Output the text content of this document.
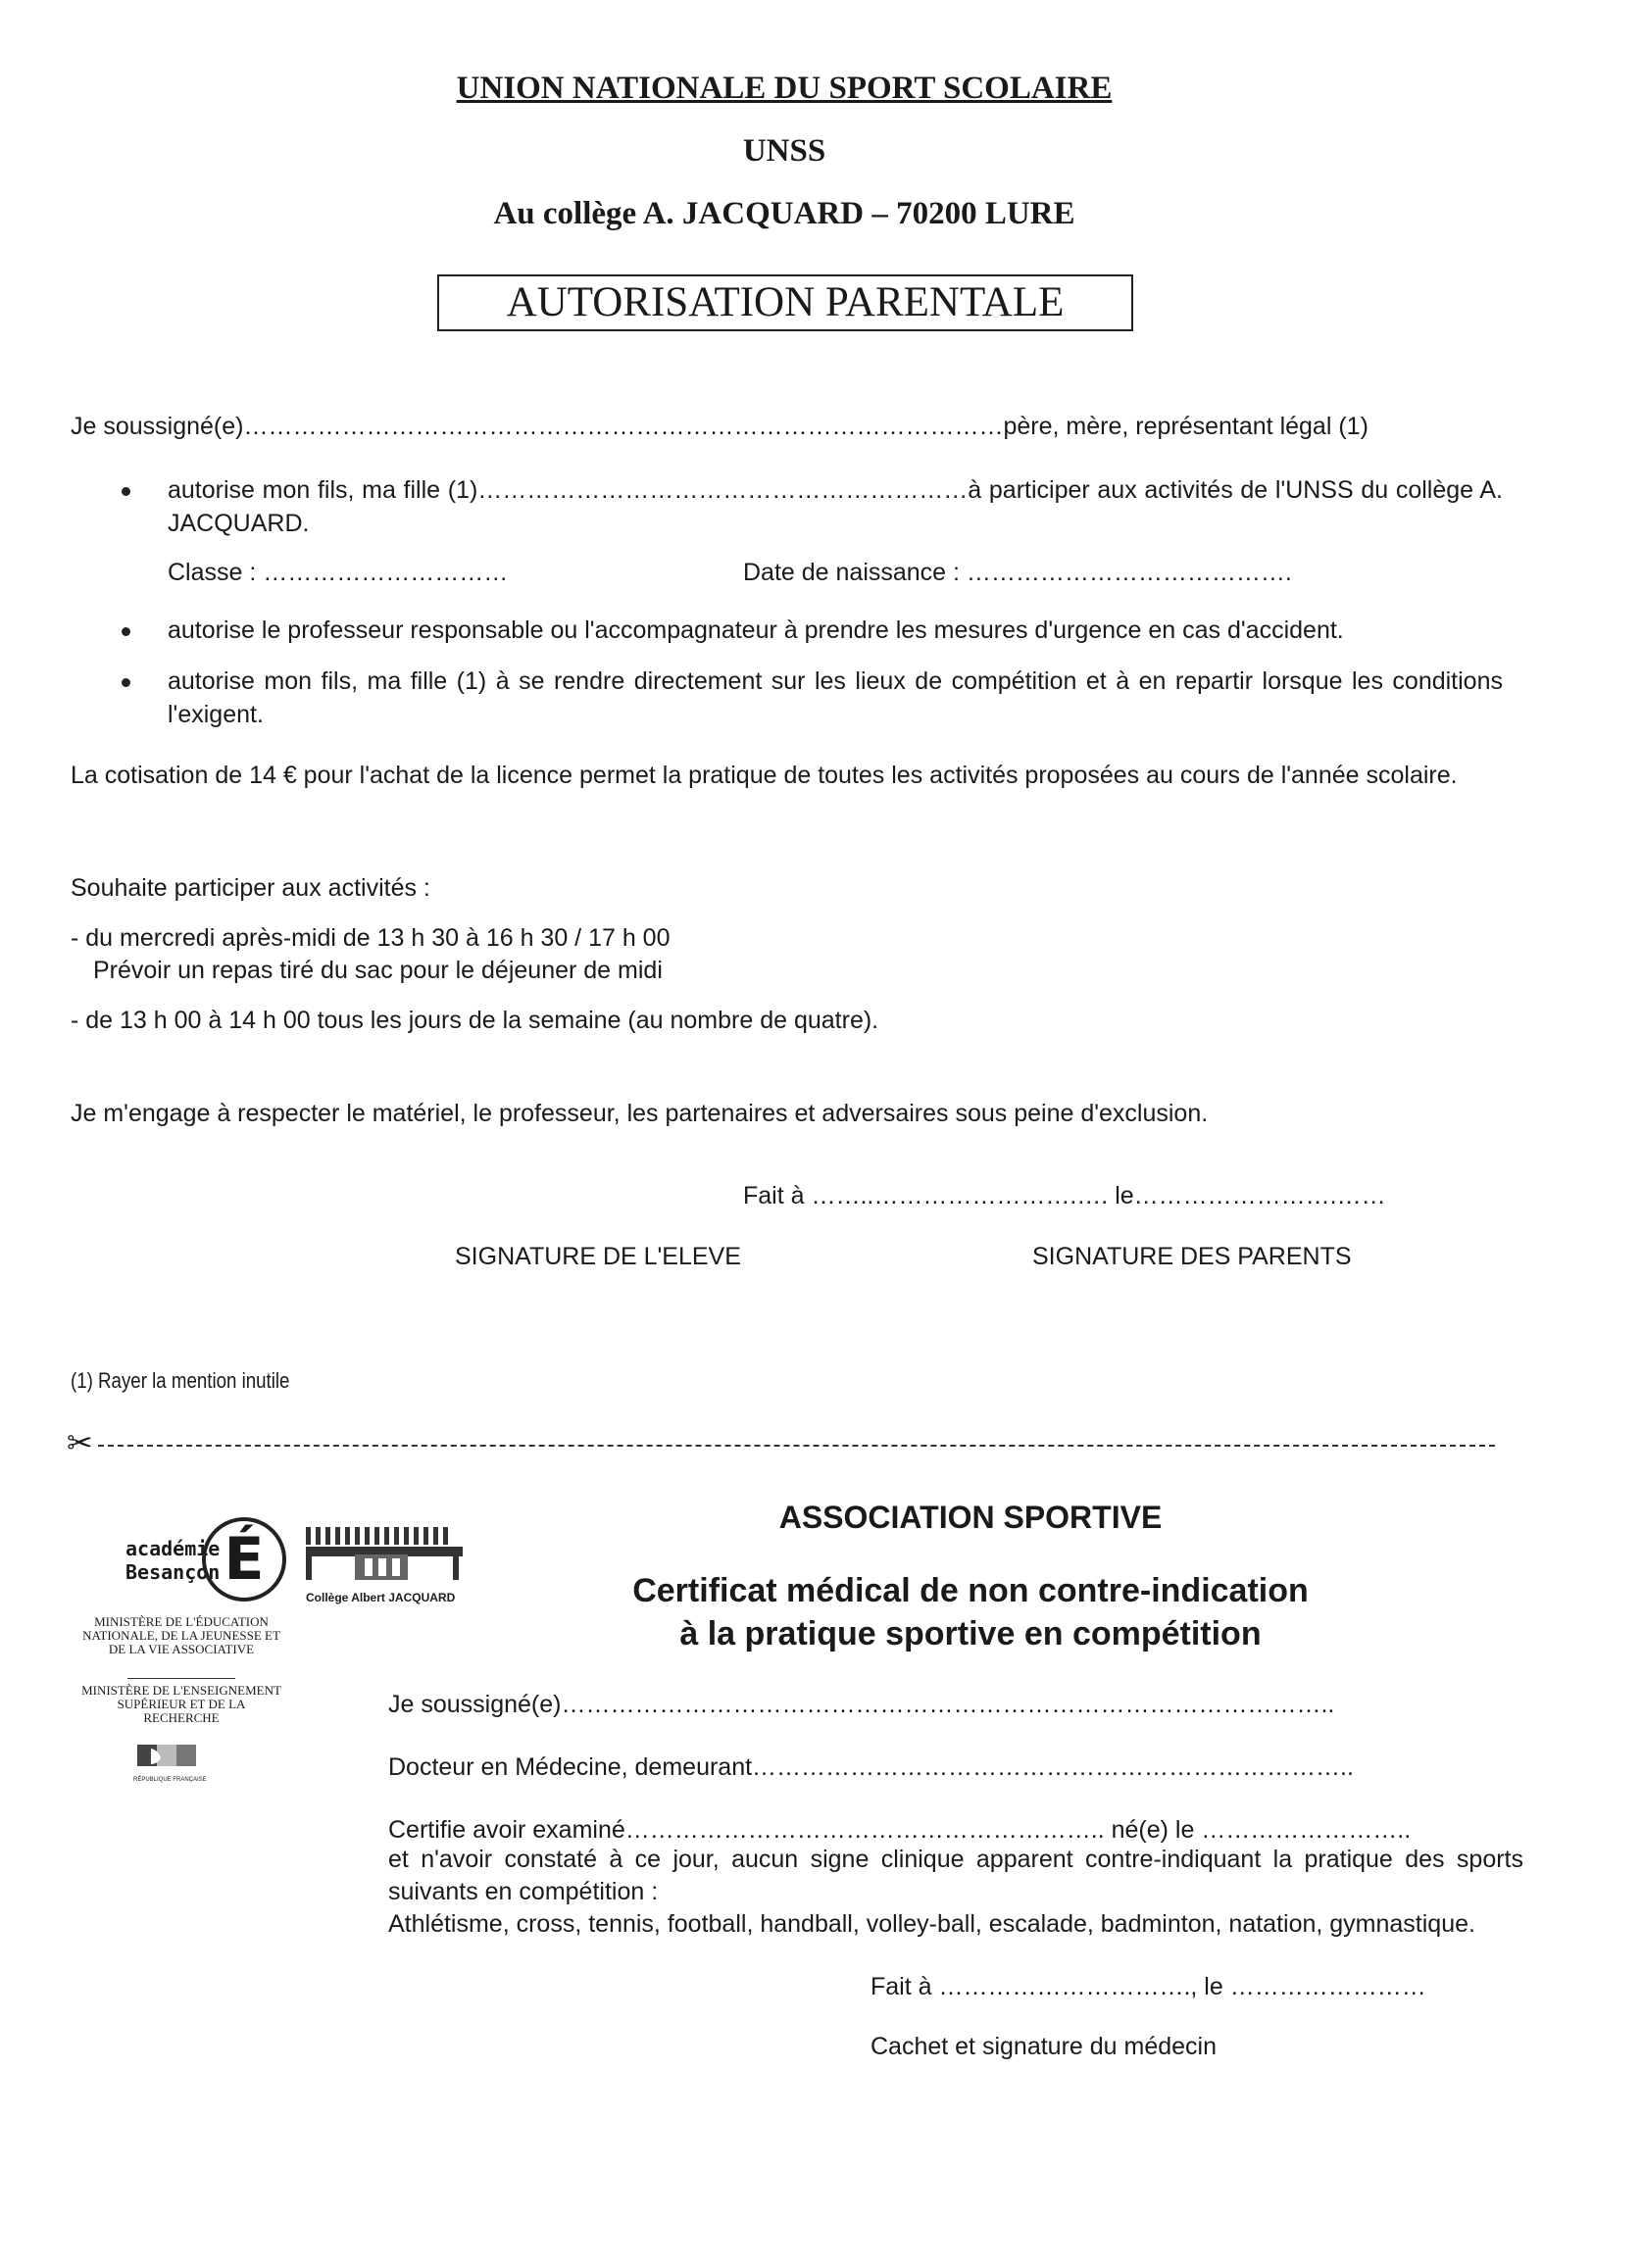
UNION NATIONALE DU SPORT SCOLAIRE
UNSS
Au collège A. JACQUARD – 70200 LURE
AUTORISATION PARENTALE
Je soussigné(e)…………………………………………………………………………………père, mère, représentant légal (1)
autorise mon fils, ma fille (1)……………………………………………………à participer aux activités de l'UNSS du collège A. JACQUARD.
Classe : …………………………	Date de naissance : ………………………………….
autorise le professeur responsable ou l'accompagnateur à prendre les mesures d'urgence en cas d'accident.
autorise mon fils, ma fille (1) à se rendre directement sur les lieux de compétition et à en repartir lorsque les conditions l'exigent.
La cotisation de 14 € pour l'achat de la licence permet la pratique de toutes les activités proposées au cours de l'année scolaire.
Souhaite participer aux activités :
- du mercredi après-midi de 13 h 30 à 16 h 30 / 17 h 00
Prévoir un repas tiré du sac pour le déjeuner de midi
- de 13 h 00 à 14 h 00 tous les jours de la semaine (au nombre de quatre).
Je m'engage à respecter le matériel, le professeur, les partenaires et adversaires sous peine d'exclusion.
Fait à ……..…………………….…. le…………………….……
SIGNATURE DE L'ELEVE	SIGNATURE DES PARENTS
(1) Rayer la mention inutile
✂
académie
Besançon É
Collège Albert JACQUARD
MINISTÈRE DE L'ÉDUCATION NATIONALE, DE LA JEUNESSE ET DE LA VIE ASSOCIATIVE
MINISTÈRE DE L'ENSEIGNEMENT SUPÉRIEUR ET DE LA RECHERCHE
RÉPUBLIQUE FRANÇAISE
ASSOCIATION SPORTIVE
Certificat médical de non contre-indication
à la pratique sportive en compétition
Je soussigné(e)…………………………………………………………………………………..
Docteur en Médecine, demeurant………………………………………………………………..
Certifie avoir examiné………………………………………………….. né(e) le ……………………..
et n'avoir constaté à ce jour, aucun signe clinique apparent contre-indiquant la pratique des sports suivants en compétition :
Athlétisme, cross, tennis, football, handball, volley-ball, escalade, badminton, natation, gymnastique.
Fait à …………………………., le ……………………
Cachet et signature du médecin
